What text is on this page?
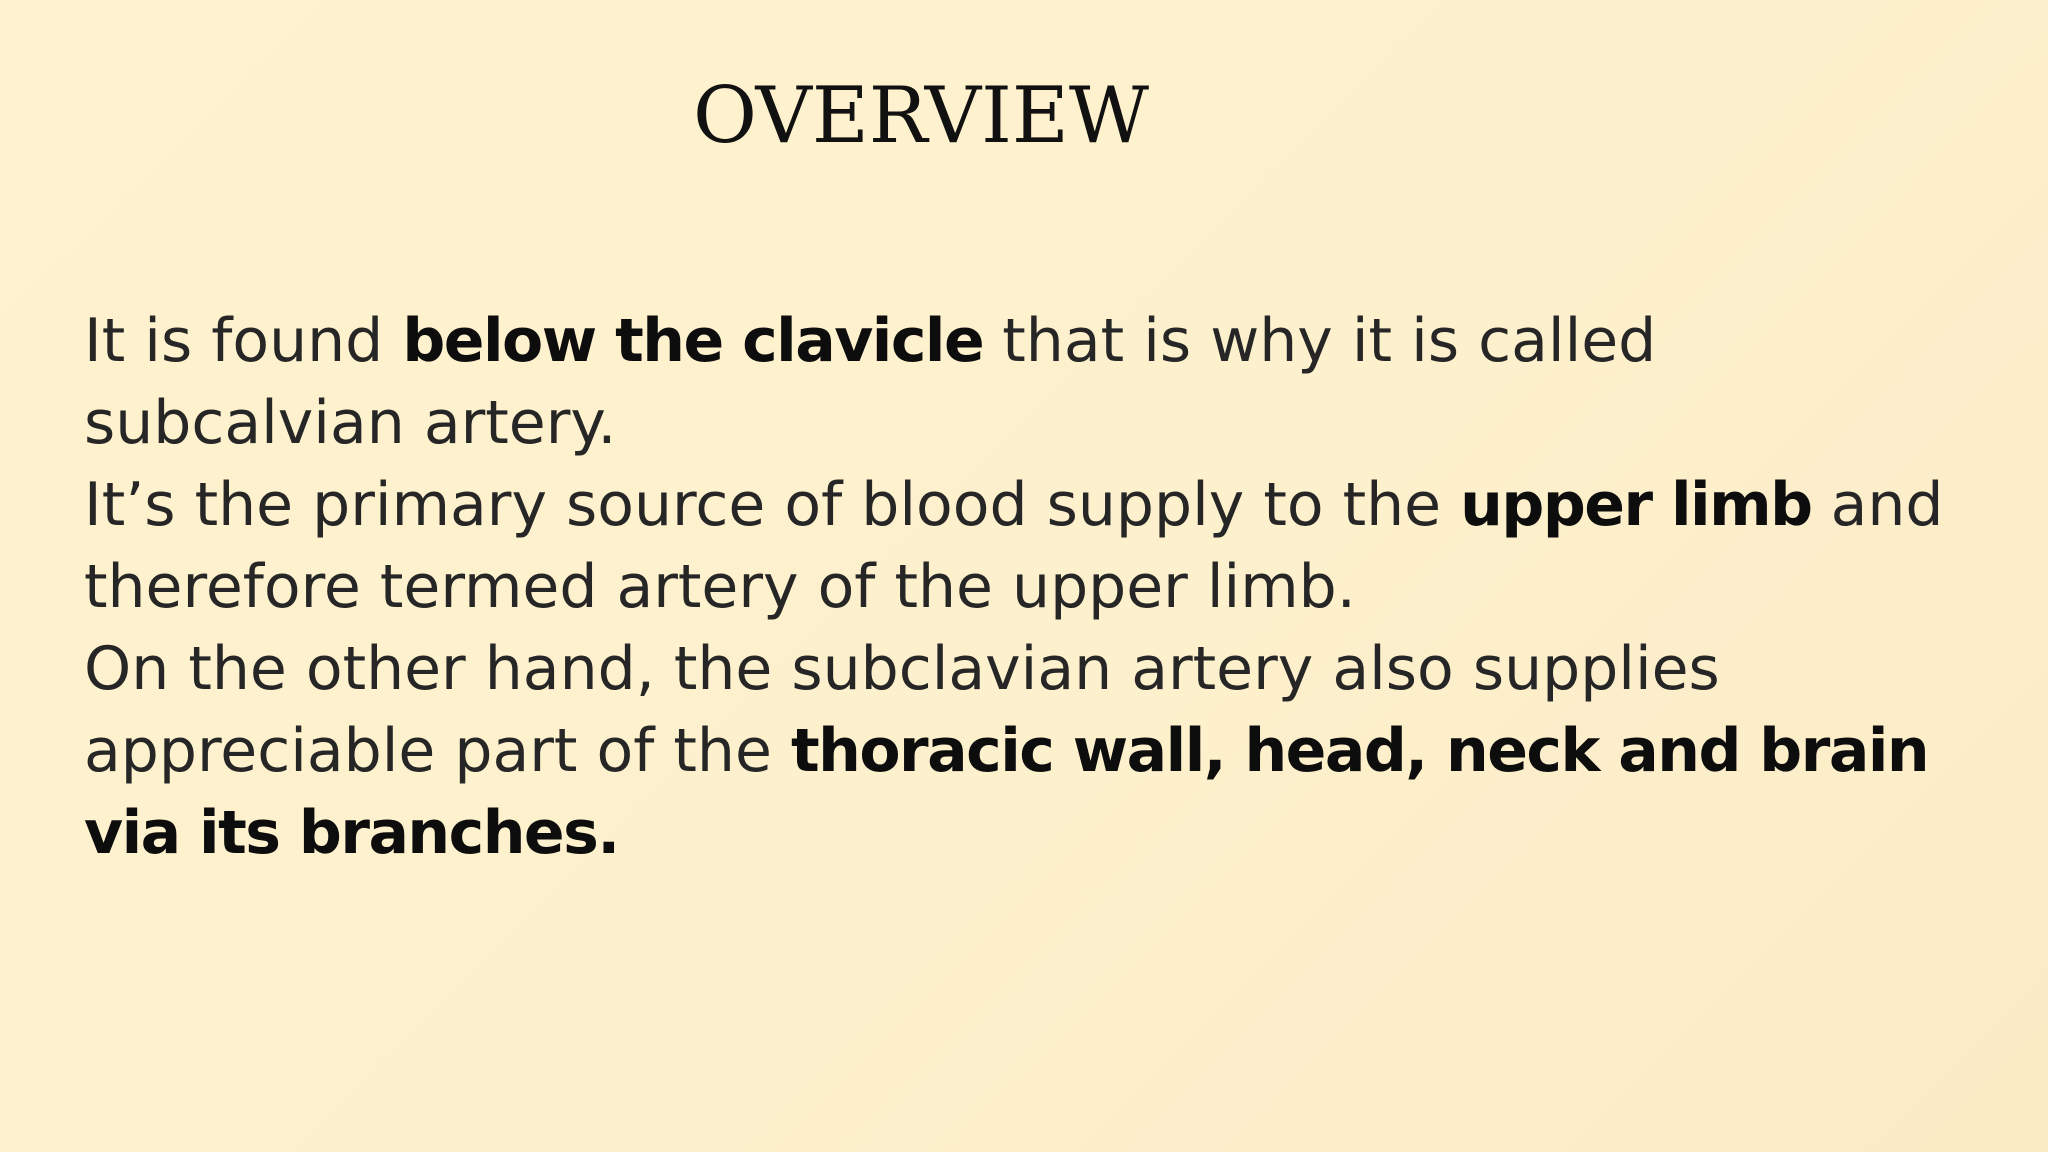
OVERVIEW

It is found below the clavicle that is why it is called subcalvian artery.

It’s the primary source of blood supply to the upper limb and therefore termed artery of the upper limb.

On the other hand, the subclavian artery also supplies appreciable part of the thoracic wall, head, neck and brain via its branches.
